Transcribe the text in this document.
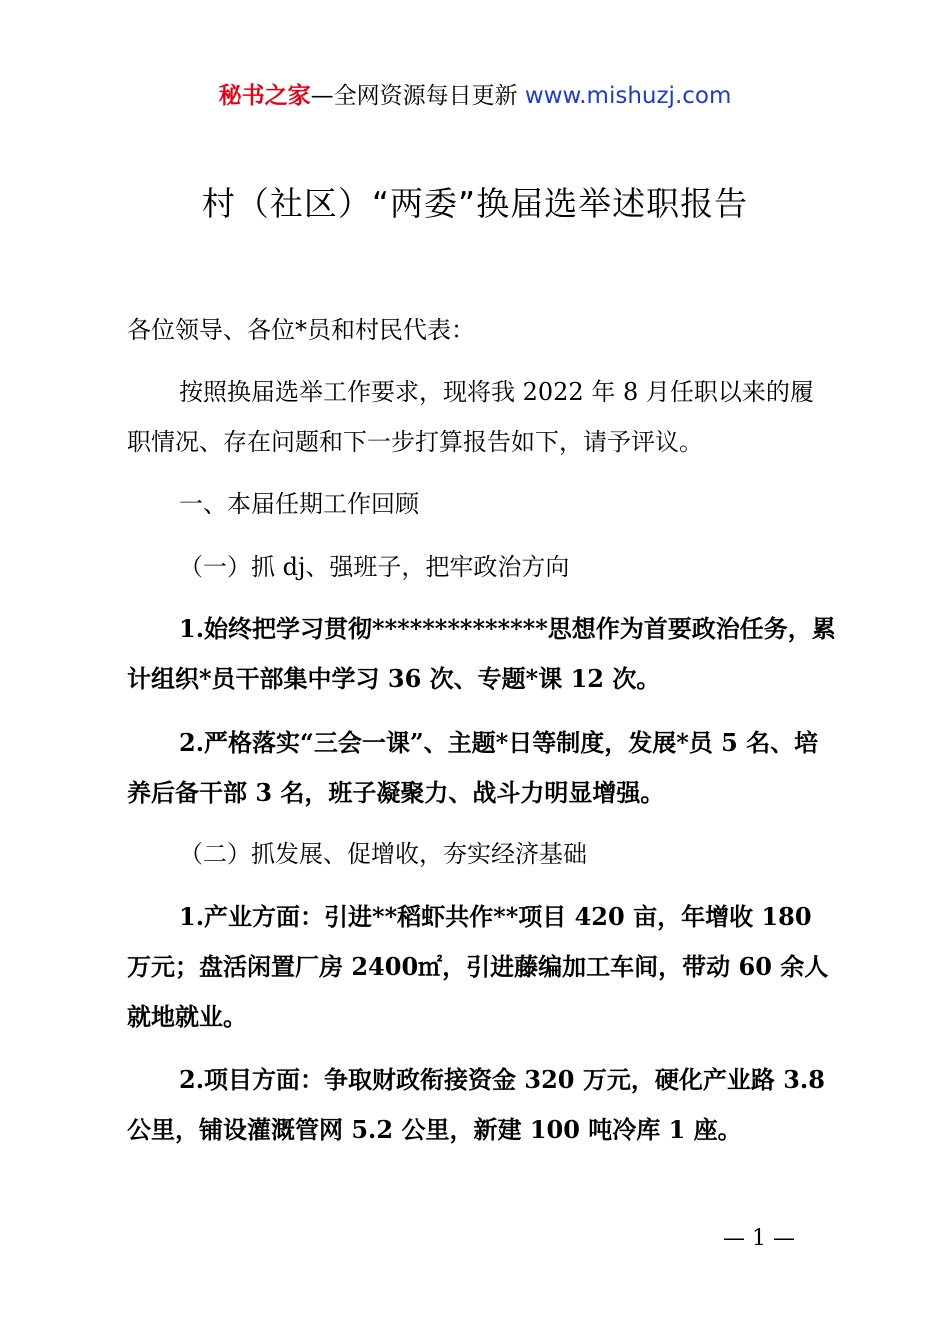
秘书之家—全网资源每日更新 www.mishuzj.com
村（社区）“两委”换届选举述职报告

各位领导、各位*员和村民代表：

按照换届选举工作要求，现将我 2022 年 8 月任职以来的履职情况、存在问题和下一步打算报告如下，请予评议。

一、本届任期工作回顾

（一）抓 dj、强班子，把牢政治方向

1.始终把学习贯彻**************思想作为首要政治任务，累计组织*员干部集中学习 36 次、专题*课 12 次。

2.严格落实“三会一课”、主题*日等制度，发展*员 5 名、培养后备干部 3 名，班子凝聚力、战斗力明显增强。

（二）抓发展、促增收，夯实经济基础

1.产业方面：引进**稻虾共作**项目 420 亩，年增收 180 万元；盘活闲置厂房 2400㎡，引进藤编加工车间，带动 60 余人就地就业。

2.项目方面：争取财政衔接资金 320 万元，硬化产业路 3.8 公里，铺设灌溉管网 5.2 公里，新建 100 吨冷库 1 座。

— 1 —
